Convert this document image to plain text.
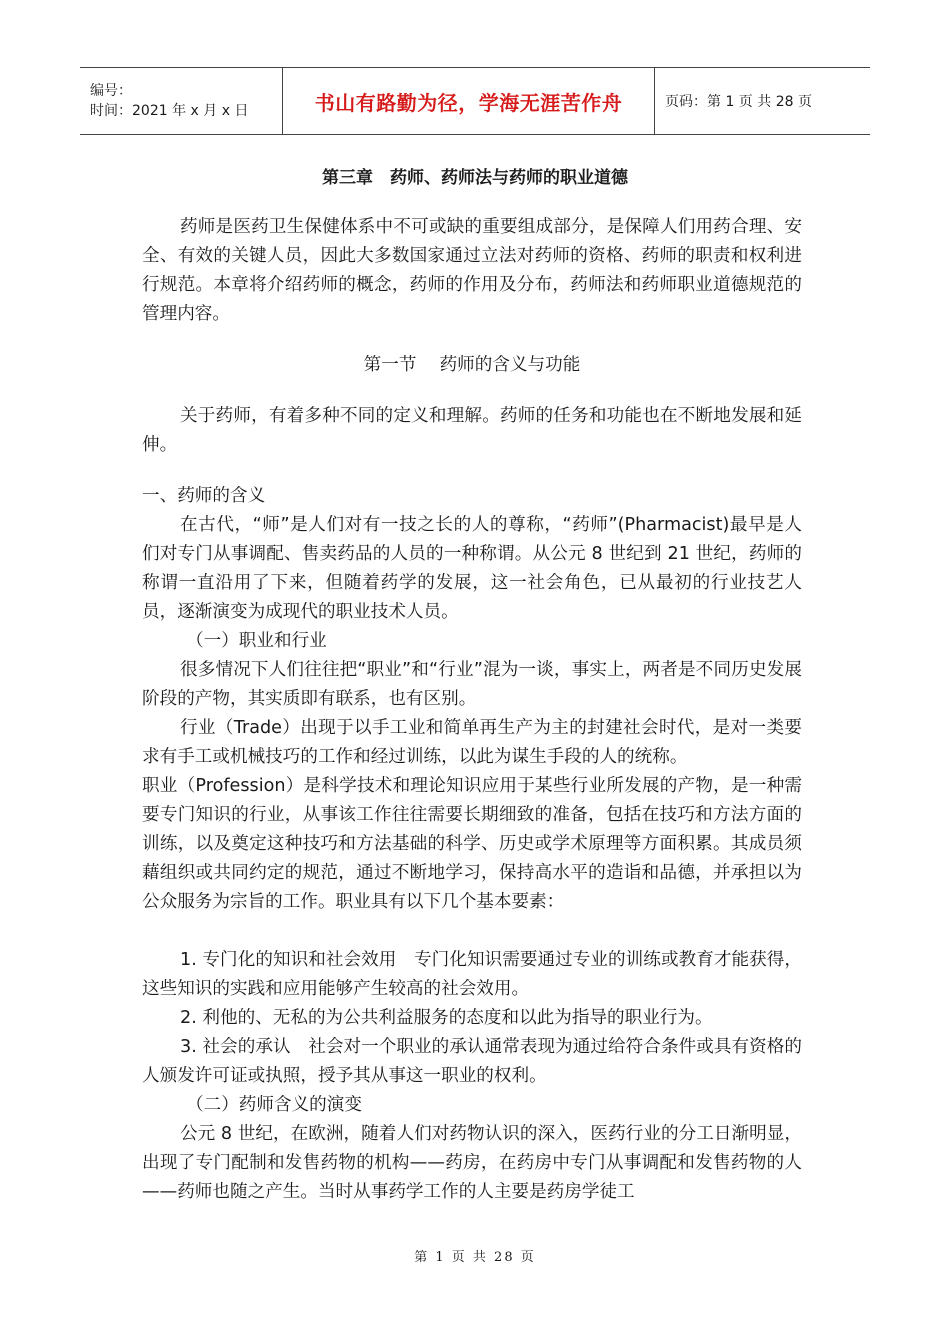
编号：
时间：2021 年 x 月 x 日	书山有路勤为径，学海无涯苦作舟	页码：第 1 页 共 28 页
第三章　药师、药师法与药师的职业道德

药师是医药卫生保健体系中不可或缺的重要组成部分，是保障人们用药合理、安全、有效的关键人员，因此大多数国家通过立法对药师的资格、药师的职责和权利进行规范。本章将介绍药师的概念，药师的作用及分布，药师法和药师职业道德规范的管理内容。

第一节　 药师的含义与功能

关于药师，有着多种不同的定义和理解。药师的任务和功能也在不断地发展和延伸。

一、药师的含义

在古代，“师”是人们对有一技之长的人的尊称，“药师”(Pharmacist)最早是人们对专门从事调配、售卖药品的人员的一种称谓。从公元 8 世纪到 21 世纪，药师的称谓一直沿用了下来，但随着药学的发展，这一社会角色，已从最初的行业技艺人员，逐渐演变为成现代的职业技术人员。

（一）职业和行业

很多情况下人们往往把“职业”和“行业”混为一谈，事实上，两者是不同历史发展阶段的产物，其实质即有联系，也有区别。

行业（Trade）出现于以手工业和简单再生产为主的封建社会时代，是对一类要求有手工或机械技巧的工作和经过训练，以此为谋生手段的人的统称。

职业（Profession）是科学技术和理论知识应用于某些行业所发展的产物，是一种需要专门知识的行业，从事该工作往往需要长期细致的准备，包括在技巧和方法方面的训练，以及奠定这种技巧和方法基础的科学、历史或学术原理等方面积累。其成员须藉组织或共同约定的规范，通过不断地学习，保持高水平的造诣和品德，并承担以为公众服务为宗旨的工作。职业具有以下几个基本要素：

1. 专门化的知识和社会效用　专门化知识需要通过专业的训练或教育才能获得，这些知识的实践和应用能够产生较高的社会效用。

2. 利他的、无私的为公共利益服务的态度和以此为指导的职业行为。

3. 社会的承认　社会对一个职业的承认通常表现为通过给符合条件或具有资格的人颁发许可证或执照，授予其从事这一职业的权利。

（二）药师含义的演变

公元 8 世纪，在欧洲，随着人们对药物认识的深入，医药行业的分工日渐明显，出现了专门配制和发售药物的机构——药房，在药房中专门从事调配和发售药物的人——药师也随之产生。当时从事药学工作的人主要是药房学徒工

第 1 页 共 28 页
